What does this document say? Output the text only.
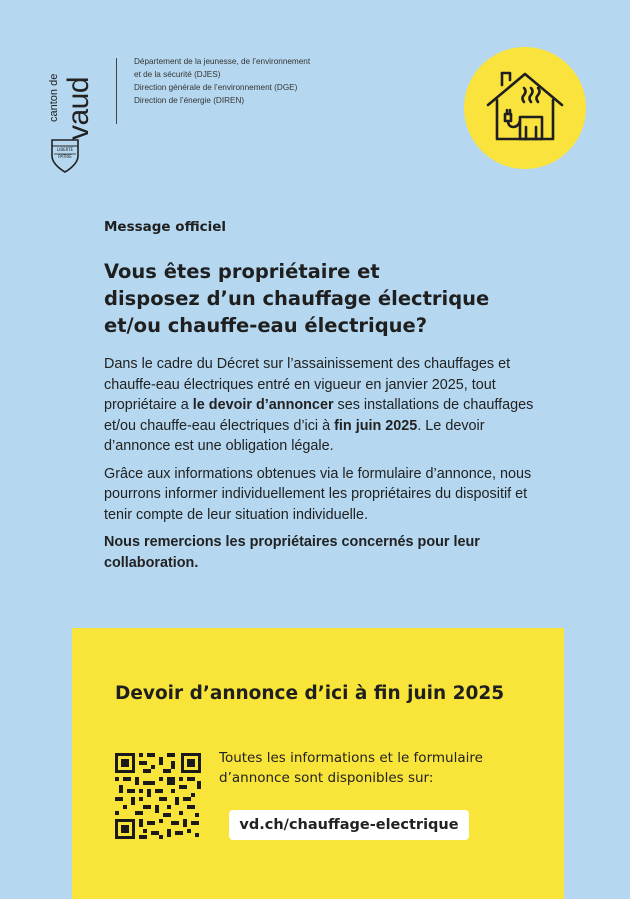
canton de vaud
LIBERTÉ
PATRIE
Département de la jeunesse, de l’environnement
et de la sécurité (DJES)
Direction générale de l’environnement (DGE)
Direction de l’énergie (DIREN)
Message officiel
Vous êtes propriétaire et
disposez d’un chauffage électrique
et/ou chauffe-eau électrique?

Dans le cadre du Décret sur l’assainissement des chauffages et chauffe-eau électriques entré en vigueur en janvier 2025, tout propriétaire a le devoir d’annoncer ses installations de chauffages et/ou chauffe-eau électriques d’ici à fin juin 2025. Le devoir d’annonce est une obligation légale.

Grâce aux informations obtenues via le formulaire d’annonce, nous pourrons informer individuellement les propriétaires du dispositif et tenir compte de leur situation individuelle.

Nous remercions les propriétaires concernés pour leur collaboration.

Devoir d’annonce d’ici à fin juin 2025
Toutes les informations et le formulaire
d’annonce sont disponibles sur:
vd.ch/chauffage-electrique
